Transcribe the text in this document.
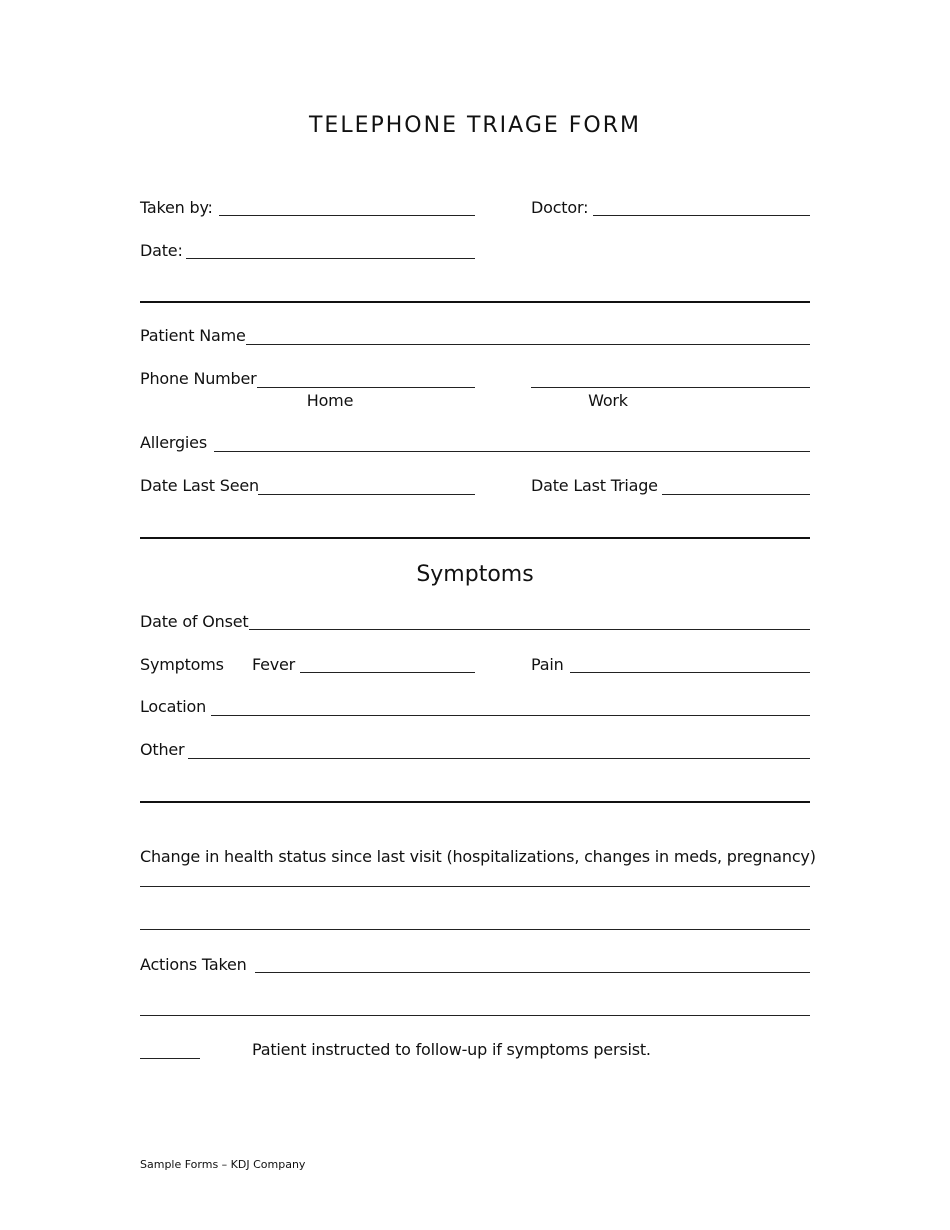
TELEPHONE TRIAGE FORM
Taken by:	Doctor:
Date:
Patient Name
Phone Number
Home	Work
Allergies
Date Last Seen	Date Last Triage
Symptoms
Date of Onset
Symptoms Fever	Pain
Location
Other
Change in health status since last visit (hospitalizations, changes in meds, pregnancy)
Actions Taken
Patient instructed to follow-up if symptoms persist.
Sample Forms – KDJ Company
